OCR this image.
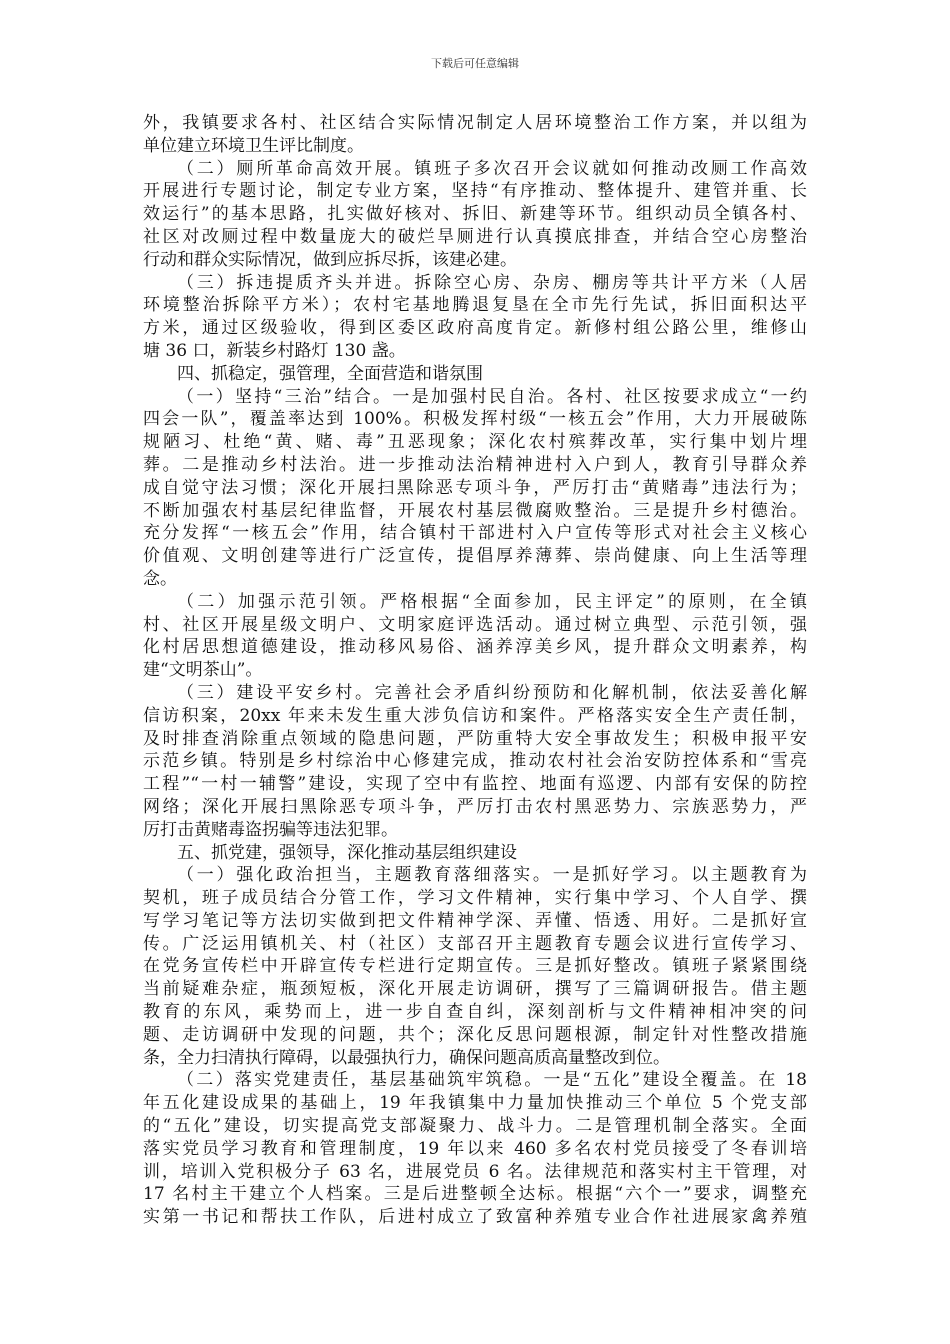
下载后可任意编辑
外，我镇要求各村、社区结合实际情况制定人居环境整治工作方案，并以组为
单位建立环境卫生评比制度。
（二）厕所革命高效开展。镇班子多次召开会议就如何推动改厕工作高效
开展进行专题讨论，制定专业方案，坚持“有序推动、整体提升、建管并重、长
效运行”的基本思路，扎实做好核对、拆旧、新建等环节。组织动员全镇各村、
社区对改厕过程中数量庞大的破烂旱厕进行认真摸底排查，并结合空心房整治
行动和群众实际情况，做到应拆尽拆，该建必建。
（三）拆违提质齐头并进。拆除空心房、杂房、棚房等共计平方米（人居
环境整治拆除平方米）；农村宅基地腾退复垦在全市先行先试，拆旧面积达平
方米，通过区级验收，得到区委区政府高度肯定。新修村组公路公里，维修山
塘 36 口，新装乡村路灯 130 盏。
四、抓稳定，强管理，全面营造和谐氛围
（一）坚持“三治”结合。一是加强村民自治。各村、社区按要求成立“一约
四会一队”，覆盖率达到 100%。积极发挥村级“一核五会”作用，大力开展破陈
规陋习、杜绝“黄、赌、毒”丑恶现象；深化农村殡葬改革，实行集中划片埋
葬。二是推动乡村法治。进一步推动法治精神进村入户到人，教育引导群众养
成自觉守法习惯；深化开展扫黑除恶专项斗争，严厉打击“黄赌毒”违法行为；
不断加强农村基层纪律监督，开展农村基层微腐败整治。三是提升乡村德治。
充分发挥“一核五会”作用，结合镇村干部进村入户宣传等形式对社会主义核心
价值观、文明创建等进行广泛宣传，提倡厚养薄葬、崇尚健康、向上生活等理
念。
（二）加强示范引领。严格根据“全面参加，民主评定”的原则，在全镇
村、社区开展星级文明户、文明家庭评选活动。通过树立典型、示范引领，强
化村居思想道德建设，推动移风易俗、涵养淳美乡风，提升群众文明素养，构
建“文明茶山”。
（三）建设平安乡村。完善社会矛盾纠纷预防和化解机制，依法妥善化解
信访积案，20xx 年来未发生重大涉负信访和案件。严格落实安全生产责任制，
及时排查消除重点领域的隐患问题，严防重特大安全事故发生；积极申报平安
示范乡镇。特别是乡村综治中心修建完成，推动农村社会治安防控体系和“雪亮
工程”“一村一辅警”建设，实现了空中有监控、地面有巡逻、内部有安保的防控
网络；深化开展扫黑除恶专项斗争，严厉打击农村黑恶势力、宗族恶势力，严
厉打击黄赌毒盗拐骗等违法犯罪。
五、抓党建，强领导，深化推动基层组织建设
（一）强化政治担当，主题教育落细落实。一是抓好学习。以主题教育为
契机，班子成员结合分管工作，学习文件精神，实行集中学习、个人自学、撰
写学习笔记等方法切实做到把文件精神学深、弄懂、悟透、用好。二是抓好宣
传。广泛运用镇机关、村（社区）支部召开主题教育专题会议进行宣传学习、
在党务宣传栏中开辟宣传专栏进行定期宣传。三是抓好整改。镇班子紧紧围绕
当前疑难杂症，瓶颈短板，深化开展走访调研，撰写了三篇调研报告。借主题
教育的东风，乘势而上，进一步自查自纠，深刻剖析与文件精神相冲突的问
题、走访调研中发现的问题，共个；深化反思问题根源，制定针对性整改措施
条，全力扫清执行障碍，以最强执行力，确保问题高质高量整改到位。
（二）落实党建责任，基层基础筑牢筑稳。一是“五化”建设全覆盖。在 18
年五化建设成果的基础上，19 年我镇集中力量加快推动三个单位 5 个党支部
的“五化”建设，切实提高党支部凝聚力、战斗力。二是管理机制全落实。全面
落实党员学习教育和管理制度，19 年以来 460 多名农村党员接受了冬春训培
训，培训入党积极分子 63 名，进展党员 6 名。法律规范和落实村主干管理，对
17 名村主干建立个人档案。三是后进整顿全达标。根据“六个一”要求，调整充
实第一书记和帮扶工作队，后进村成立了致富种养殖专业合作社进展家禽养殖
